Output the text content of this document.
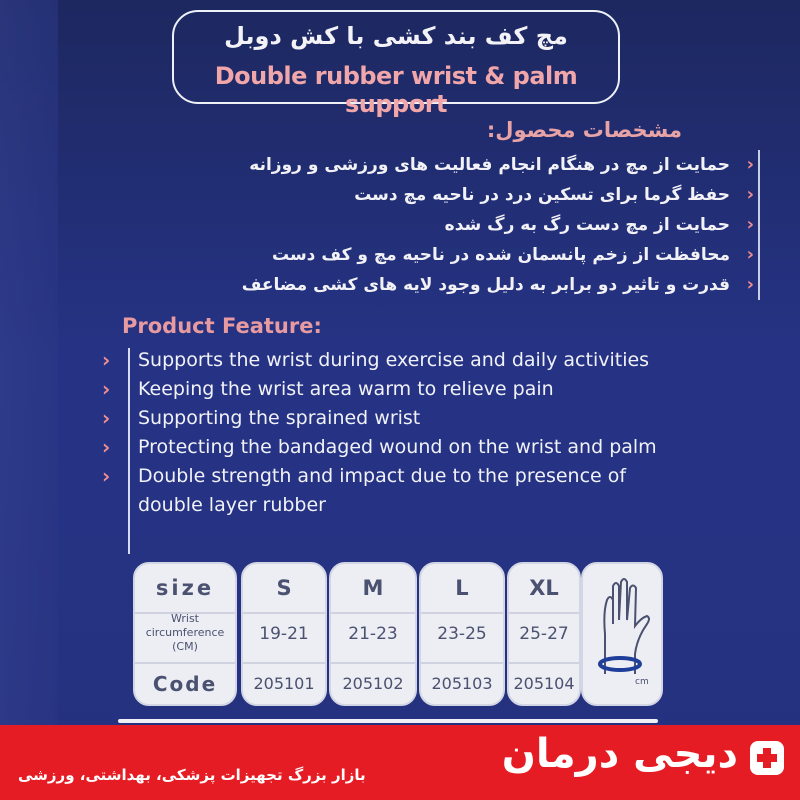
مچ کف بند کشی با کش دوبل
Double rubber wrist & palm support
مشخصات محصول:
‹
حمایت از مچ در هنگام انجام فعالیت های ورزشی و روزانه
‹
حفظ گرما برای تسکین درد در ناحیه مچ دست
‹
حمایت از مچ دست رگ به رگ شده
‹
محافظت از زخم پانسمان شده در ناحیه مچ و کف دست
‹
قدرت و تاثیر دو برابر به دلیل وجود لایه های کشی مضاعف
Product Feature:
› Supports the wrist during exercise and daily activities
› Keeping the wrist area warm to relieve pain
› Supporting the sprained wrist
› Protecting the bandaged wound on the wrist and palm
› Double strength and impact due to the presence of double layer rubber
size
Wrist circumference (CM)
Code
S
19-21
205101
M
21-23
205102
L
23-25
205103
XL
25-27
205104	cm
دیجی درمان
بازار بزرگ تجهیزات پزشکی، بهداشتی، ورزشی
